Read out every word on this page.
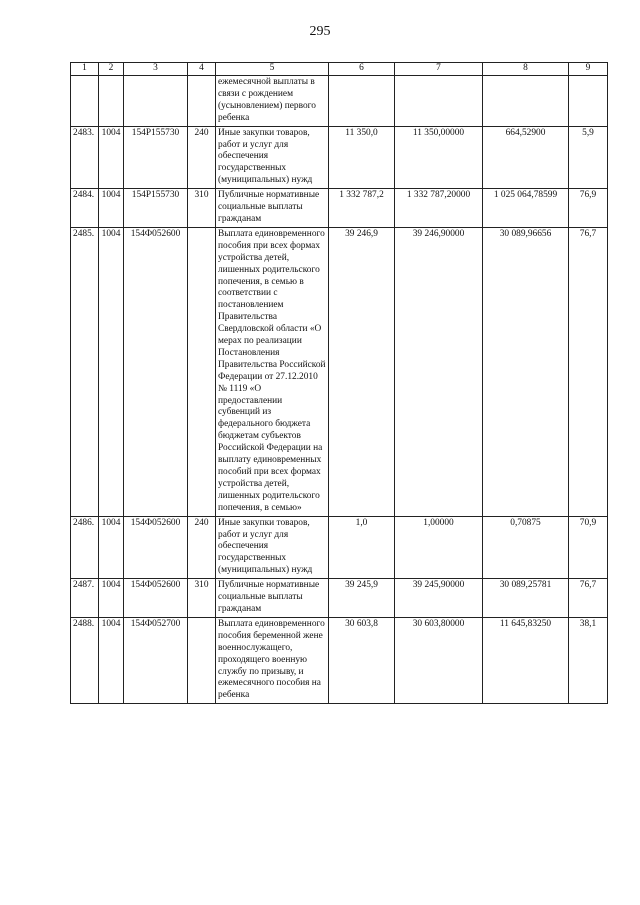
295
1	2	3	4	5	6	7	8	9
				ежемесячной выплаты в связи с рождением (усыновлением) первого ребенка				
2483.	1004	154P155730	240	Иные закупки товаров, работ и услуг для обеспечения государственных (муниципальных) нужд	11 350,0	11 350,00000	664,52900	5,9
2484.	1004	154P155730	310	Публичные нормативные социальные выплаты гражданам	1 332 787,2	1 332 787,20000	1 025 064,78599	76,9
2485.	1004	154Ф052600		Выплата единовременного пособия при всех формах устройства детей, лишенных родительского попечения, в семью в соответствии с постановлением Правительства Свердловской области «О мерах по реализации Постановления Правительства Российской Федерации от 27.12.2010 № 1119 «О предоставлении субвенций из федерального бюджета бюджетам субъектов Российской Федерации на выплату единовременных пособий при всех формах устройства детей, лишенных родительского попечения, в семью»	39 246,9	39 246,90000	30 089,96656	76,7
2486.	1004	154Ф052600	240	Иные закупки товаров, работ и услуг для обеспечения государственных (муниципальных) нужд	1,0	1,00000	0,70875	70,9
2487.	1004	154Ф052600	310	Публичные нормативные социальные выплаты гражданам	39 245,9	39 245,90000	30 089,25781	76,7
2488.	1004	154Ф052700		Выплата единовременного пособия беременной жене военнослужащего, проходящего военную службу по призыву, и ежемесячного пособия на ребенка	30 603,8	30 603,80000	11 645,83250	38,1
